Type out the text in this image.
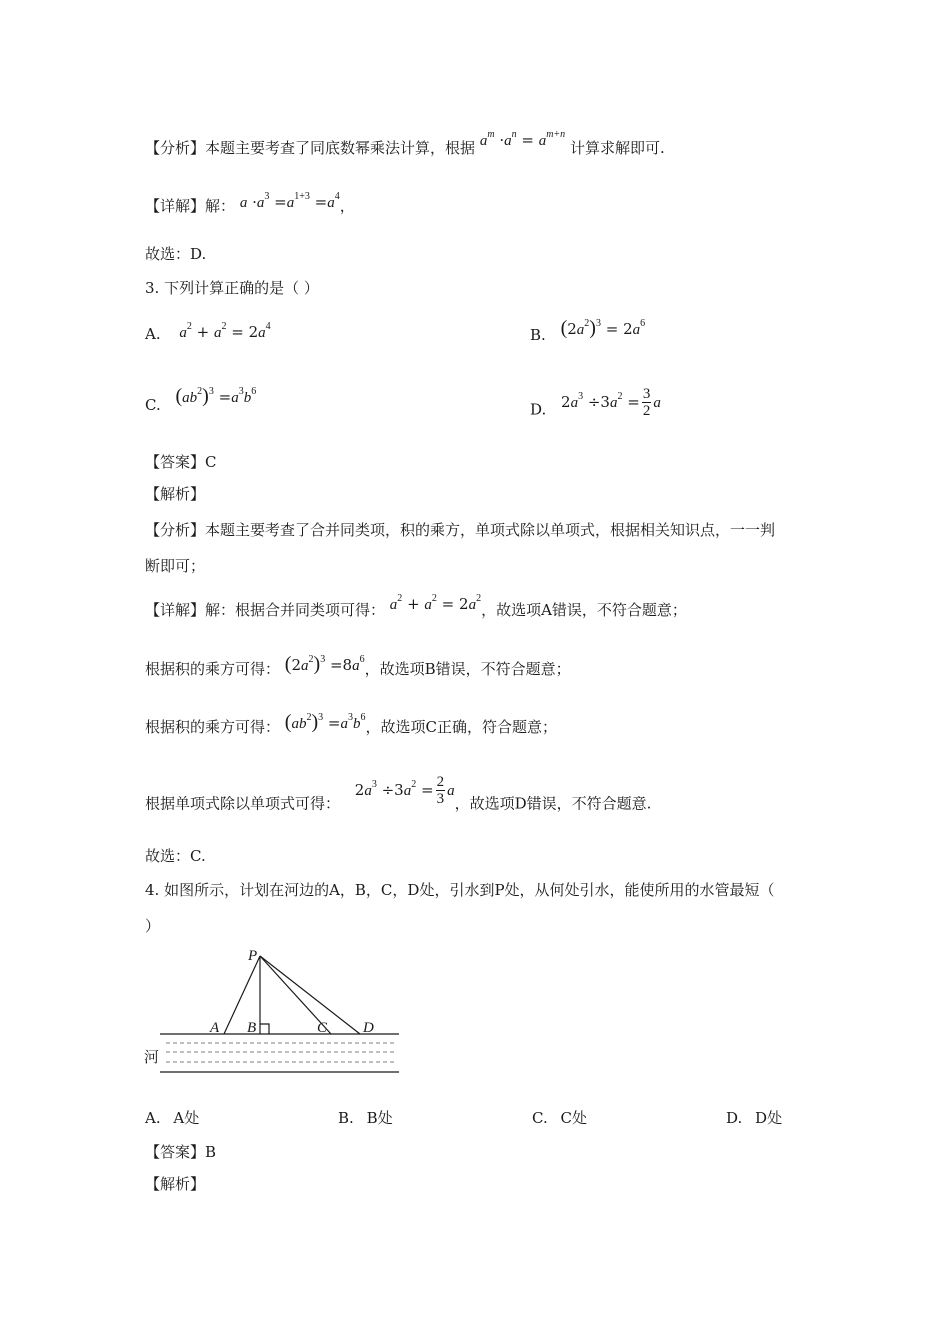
【分析】本题主要考查了同底数幂乘法计算，根据 $a^m \cdot a^n = a^{m+n}$ 计算求解即可.
【详解】解： $a \cdot a^3 =a^{1+3} =a^4$，
故选：D.
3. 下列计算正确的是（ ）
A. $a^2 + a^2 = 2a^4$	B. $(2a^2)^3 = 2a^6$
C. $(ab^2)^3 =a^3b^6$
D. $2a^3 \div 3a^2 = \frac{3}{2}$ a
【答案】C
【解析】
【分析】本题主要考查了合并同类项，积的乘方，单项式除以单项式，根据相关知识点，一一判
断即可；
【详解】解：根据合并同类项可得： $a^2 + a^2 = 2a^2$，故选项A错误，不符合题意；
根据积的乘方可得： $(2a^2)^3 =8a^6$，故选项B错误，不符合题意；
根据积的乘方可得： $(ab^2)^3 =a^3b^6$，故选项C正确，符合题意；
根据单项式除以单项式可得： $2a^3 \div 3a^2 = \frac{2}{3}$ a，故选项D错误，不符合题意.
故选：C.
4. 如图所示，计划在河边的A，B，C，D处，引水到P处，从何处引水，能使所用的水管最短（
）
P
A B	C D
河
A. A处	B. B处	C. C处	D. D处
【答案】B
【解析】
